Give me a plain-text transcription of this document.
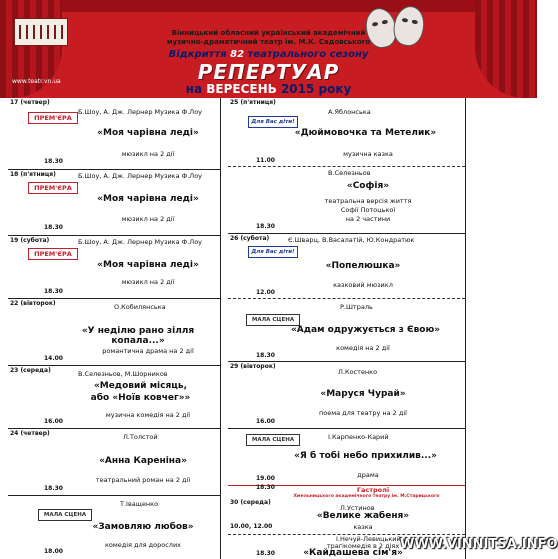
www.teatr.vn.ua
Вінницький обласний український академічний
музично-драматичний театр ім. М.К. Садовського
Відкриття 82 театрального сезону
РЕПЕРТУАР
на ВЕРЕСЕНЬ 2015 року
17 (четвер)
Б.Шоу, А. Дж. Лернер Музика Ф.Лоу
ПРЕМ'ЄРА
«Моя чарівна леді»
мюзикл на 2 дії
18.30
18 (п'ятниця)	Б.Шоу, А. Дж. Лернер Музика Ф.Лоу
ПРЕМ'ЄРА
«Моя чарівна леді»
мюзикл на 2 дії
18.30
19 (субота)	Б.Шоу, А. Дж. Лернер Музика Ф.Лоу
ПРЕМ'ЄРА
«Моя чарівна леді»
мюзикл на 2 дії
18.30
22 (вівторок)	О.Кобилянська
«У неділю рано зілля копала...»
романтична драма на 2 дії
14.00
23 (середа)	В.Селезньов, М.Шорников
«Медовий місяць,
або «Ноїв ковчег»»
музична комедія на 2 дії
16.00
24 (четвер)	Л.Толстой
«Анна Кареніна»
театральний роман на 2 дії
18.30
Т.Іващенко
МАЛА СЦЕНА
«Замовляю любов»
комедія для дорослих
18.00
25 (п'ятниця)
А.Яблонська
Для Вас діти!
«Дюймовочка та Метелик»
музична казка
11.00
В.Селезньов
«Софія»
театральна версія життя
Софії Потоцької
на 2 частини
18.30
26 (субота)	Є.Шварц, В.Васалатій, Ю.Кондратюк
Для Вас діти!
«Попелюшка»
казковий мюзикл
12.00
Р.Штраль
МАЛА СЦЕНА
«Адам одружується з Євою»
комедія на 2 дії
18.30
29 (вівторок)
Л.Костенко
«Маруся Чурай»
поема для театру на 2 дії
16.00
І.Карпенко-Карий
МАЛА СЦЕНА
«Я б тобі небо прихилив...»
драма
19.00
Гастролі
Хмельницького академічного театру ім. М.Старицького
18.30
30 (середа)
Л.Устинов
«Велике жабеня»
казка
10.00, 12.00
І.Нечуй-Левицький
трагікомедія в 2 діях
«Кайдашева сім'я»
18.30
WWW.VINNITSA.INFO
